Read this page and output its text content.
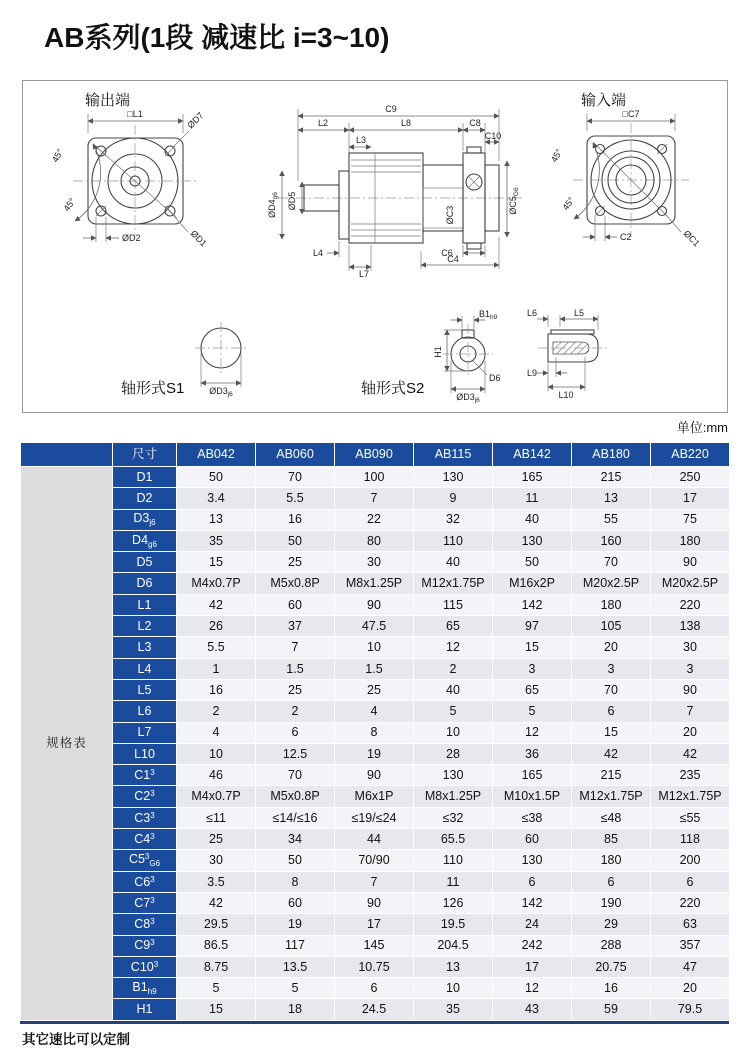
AB系列(1段 减速比 i=3~10)
输出端
□L1	ØD7
45°
45°
ØD2	ØD1
C9
L2	L8	C8
C10
L3
$ØD4_{g6}$ ØD5	$ØC5_{G6}$
ØC3
L4
L7
C6
C4
输入端
□C7
45°
45°
C2	ØC1
轴形式S1	$ØD3_{j6}$	轴形式S2
$B1_{h9}$
H1
D6
$ØD3_{j6}$
L6	L5
L9
L10
单位:mm
	尺寸	AB042	AB060	AB090	AB115	AB142	AB180	AB220
规格表	D1	50	70	100	130	165	215	250
	D2	3.4	5.5	7	9	11	13	17
	$D3_{j6}$	13	16	22	32	40	55	75
	$D4_{g6}$	35	50	80	110	130	160	180
	D5	15	25	30	40	50	70	90
	D6	M4x0.7P	M5x0.8P	M8x1.25P	M12x1.75P	M16x2P	M20x2.5P	M20x2.5P
	L1	42	60	90	115	142	180	220
	L2	26	37	47.5	65	97	105	138
	L3	5.5	7	10	12	15	20	30
	L4	1	1.5	1.5	2	3	3	3
	L5	16	25	25	40	65	70	90
	L6	2	2	4	5	5	6	7
	L7	4	6	8	10	12	15	20
	L10	10	12.5	19	28	36	42	42
	$C1^3$	46	70	90	130	165	215	235
	$C2^3$	M4x0.7P	M5x0.8P	M6x1P	M8x1.25P	M10x1.5P	M12x1.75P	M12x1.75P
	$C3^3$	≤11	≤14/≤16	≤19/≤24	≤32	≤38	≤48	≤55
	$C4^3$	25	34	44	65.5	60	85	118
	$C5^3_{G6}$	30	50	70/90	110	130	180	200
	$C6^3$	3.5	8	7	11	6	6	6
	$C7^3$	42	60	90	126	142	190	220
	$C8^3$	29.5	19	17	19.5	24	29	63
	$C9^3$	86.5	117	145	204.5	242	288	357
	$C10^3$	8.75	13.5	10.75	13	17	20.75	47
	$B1_{h9}$	5	5	6	10	12	16	20
	H1	15	18	24.5	35	43	59	79.5
其它速比可以定制
